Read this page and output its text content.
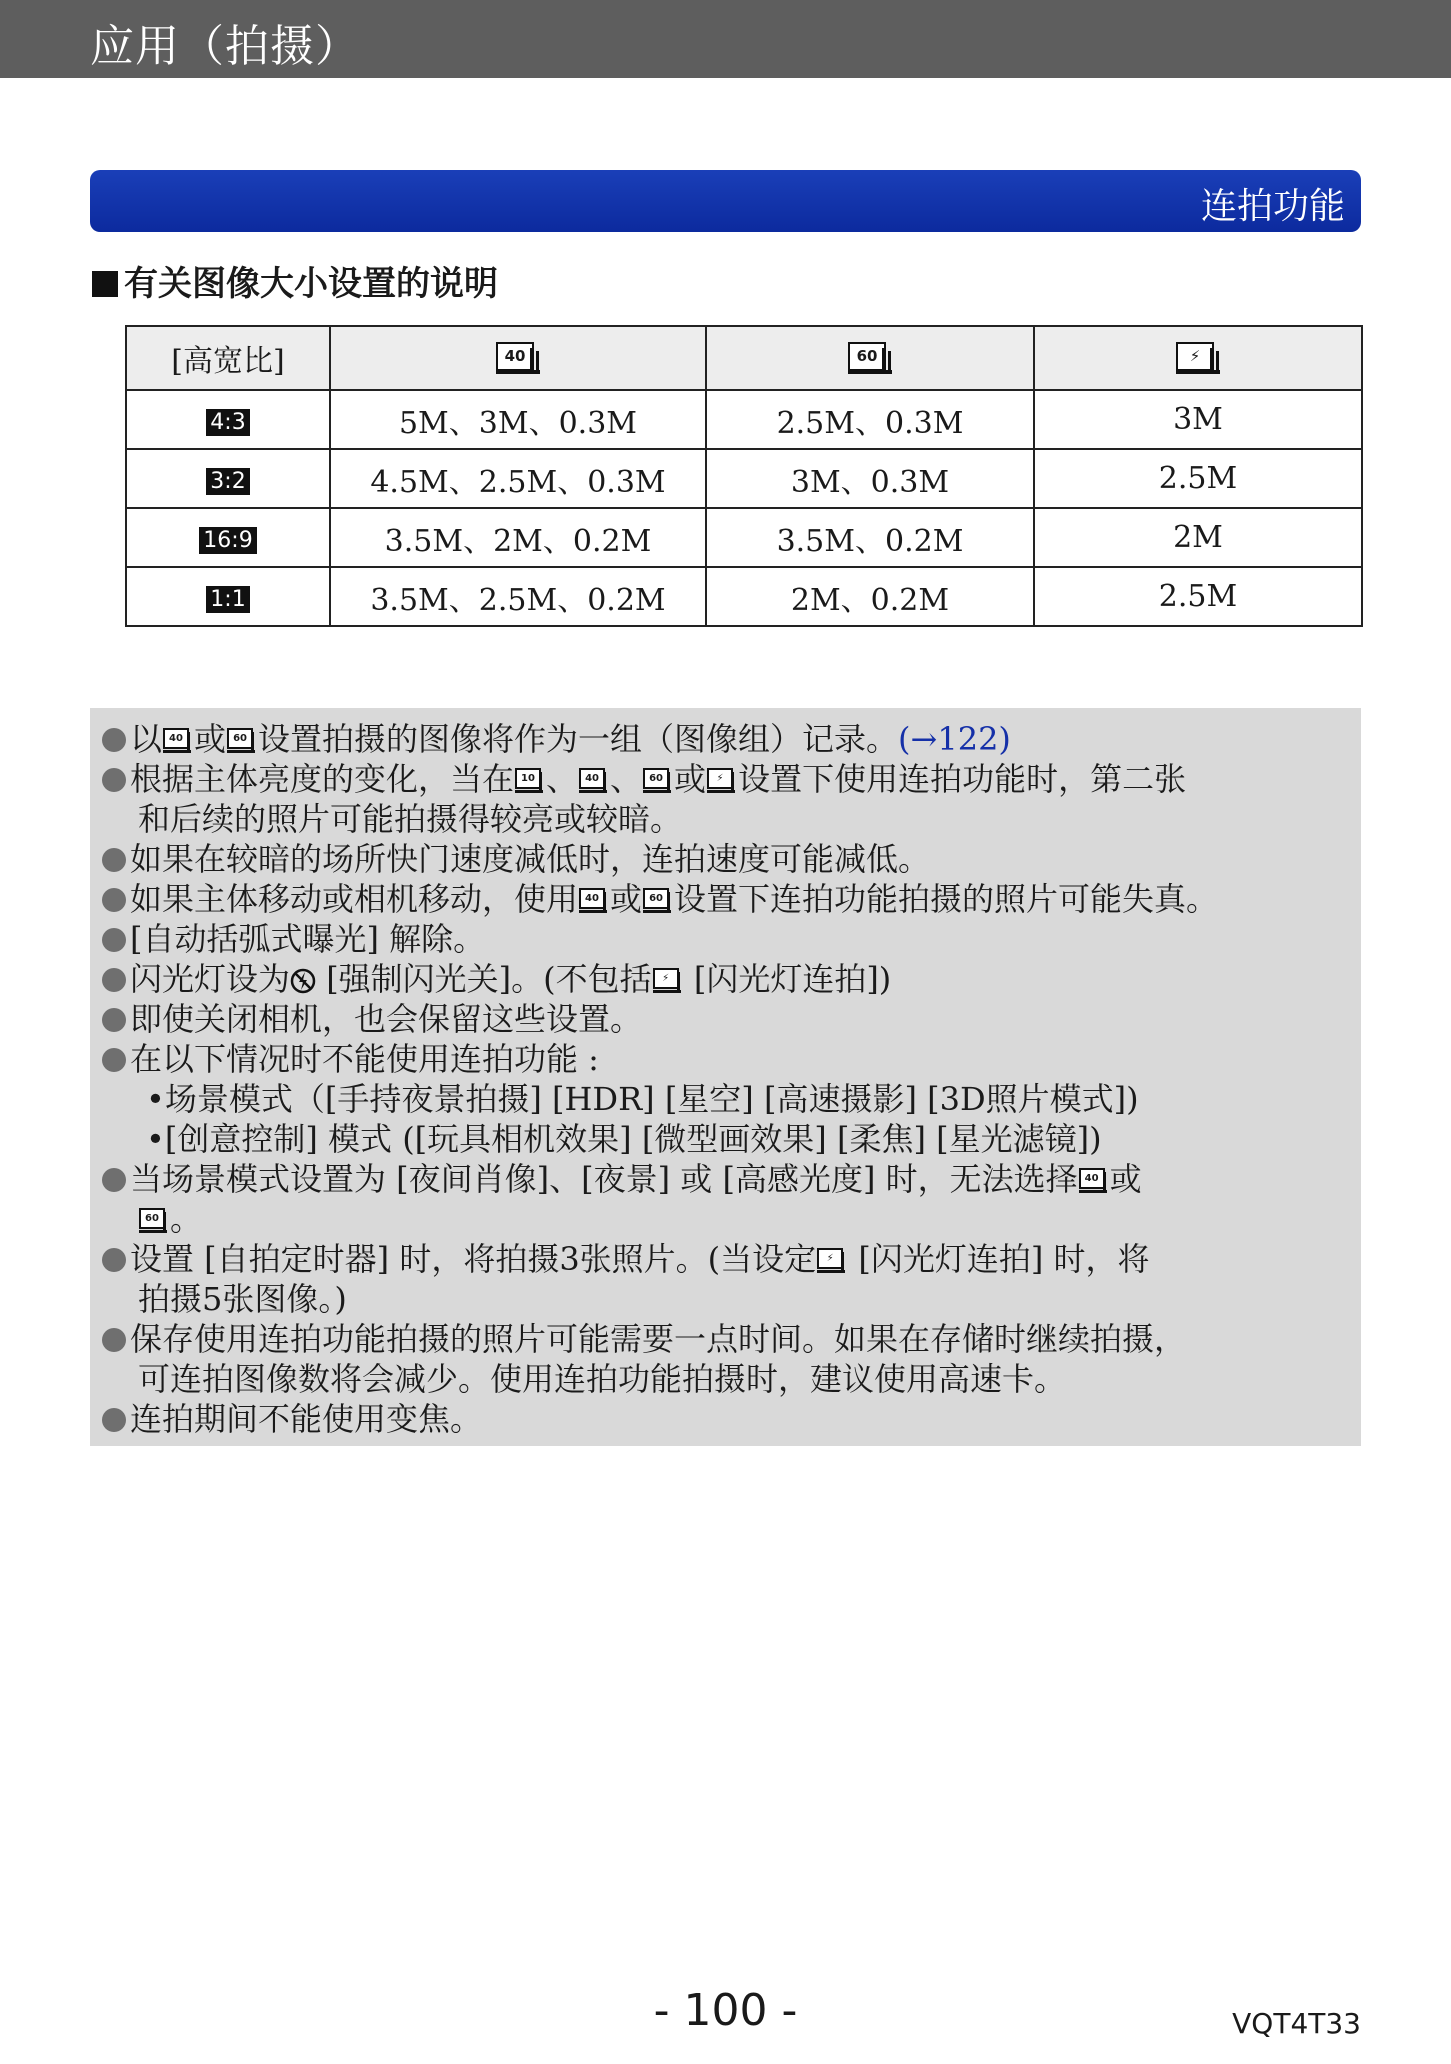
应用（拍摄）
连拍功能
有关图像大小设置的说明
[高宽比]	40	60	⚡

4:3	5M、3M、0.3M	2.5M、0.3M	3M
3:2	4.5M、2.5M、0.3M	3M、0.3M	2.5M
16:9	3.5M、2M、0.2M	3.5M、0.2M	2M
1:1	3.5M、2.5M、0.2M	2M、0.2M	2.5M
以 40 或 60 设置拍摄的图像将作为一组（图像组）记录。(→122)
根据主体亮度的变化，当在 10 、 40 、 60 或	⚡ 设置下使用连拍功能时，第二张
和后续的照片可能拍摄得较亮或较暗。
如果在较暗的场所快门速度减低时，连拍速度可能减低。
如果主体移动或相机移动，使用 40 或 60 设置下连拍功能拍摄的照片可能失真。
[自动括弧式曝光] 解除。
闪光灯设为 [强制闪光关]。(不包括	⚡ [闪光灯连拍])
即使关闭相机，也会保留这些设置。
在以下情况时不能使用连拍功能 :
•场景模式（[手持夜景拍摄] [HDR] [星空] [高速摄影] [3D照片模式])
•[创意控制] 模式 ([玩具相机效果] [微型画效果] [柔焦] [星光滤镜])
当场景模式设置为 [夜间肖像]、[夜景] 或 [高感光度] 时，无法选择 40 或
60 。
设置 [自拍定时器] 时，将拍摄3张照片。(当设定	⚡ [闪光灯连拍] 时，将
拍摄5张图像。)
保存使用连拍功能拍摄的照片可能需要一点时间。如果在存储时继续拍摄，
可连拍图像数将会减少。使用连拍功能拍摄时，建议使用高速卡。
连拍期间不能使用变焦。
- 100 -	VQT4T33
